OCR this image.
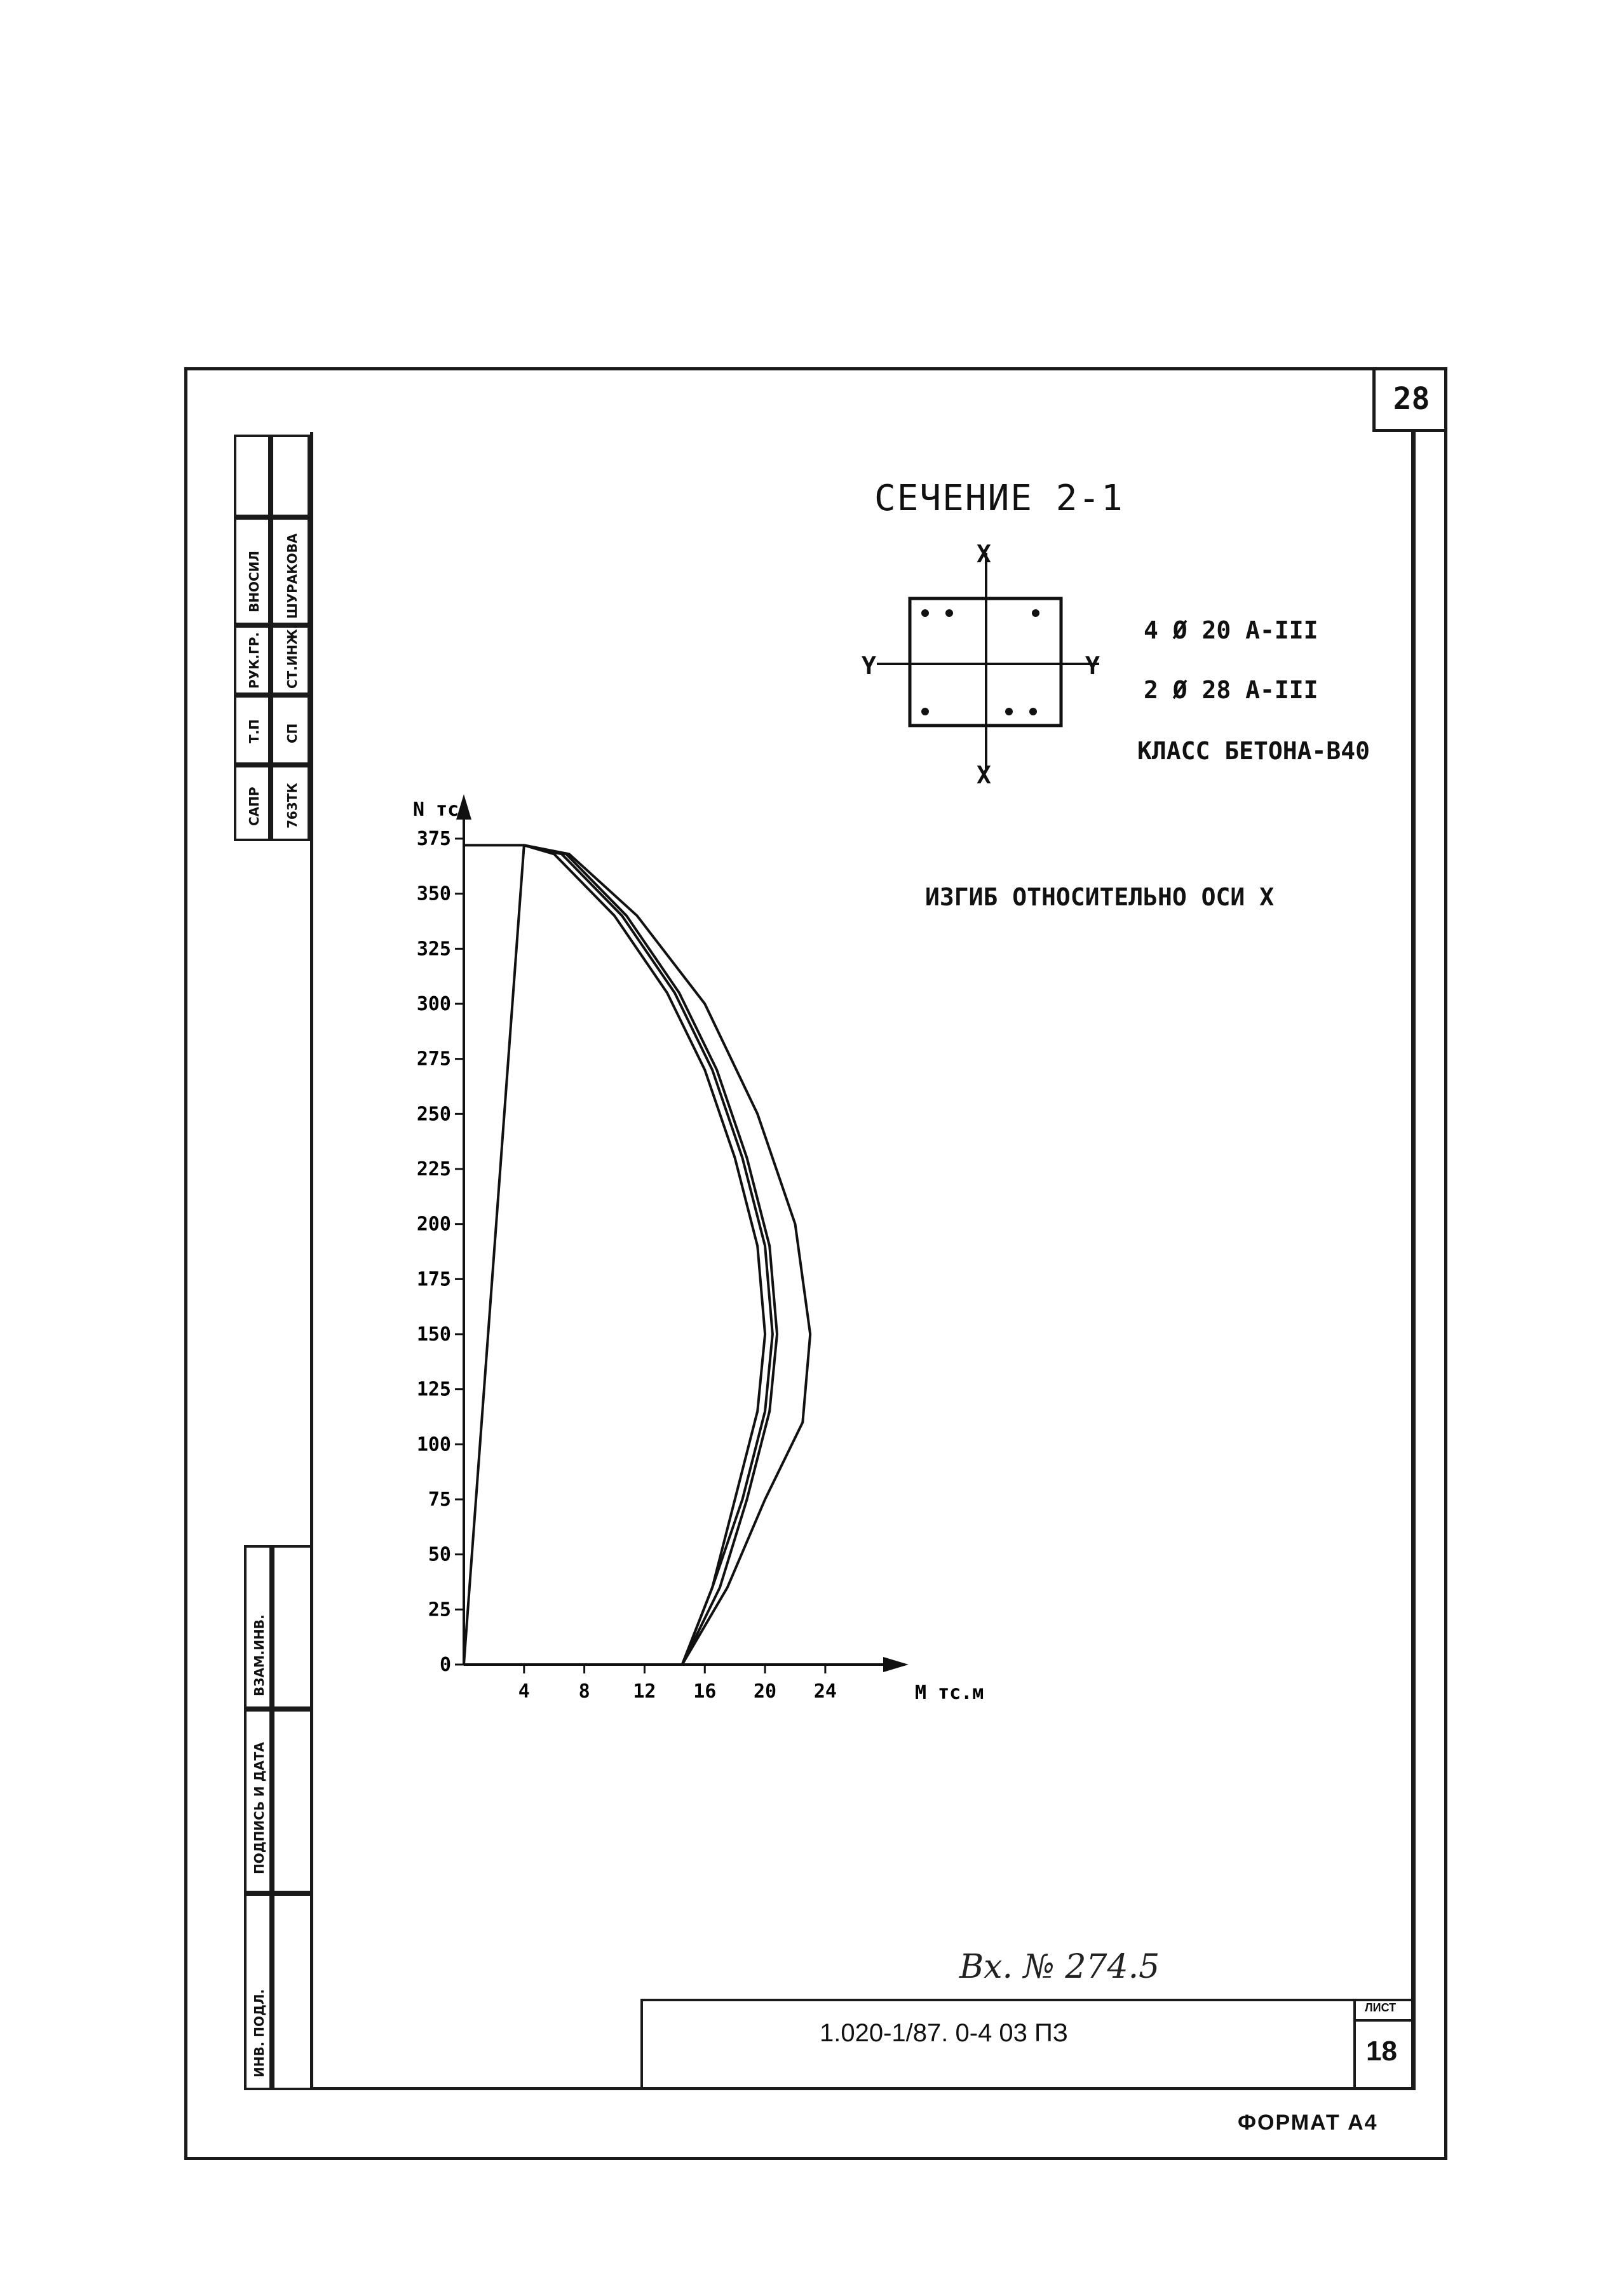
28
ВНОСИЛ ШУРАКОВА
РУК.ГР. СТ.ИНЖ.
Т.П СП
САПР 763ТК
ВЗАМ.ИНВ.
ПОДПИСЬ И ДАТА
ИНВ. ПОДЛ.
СЕЧЕНИЕ 2-1
X
X
Y	Y
4 Ø 20 A-III
2 Ø 28 A-III
КЛАСС БЕТОНА-В40
ИЗГИБ ОТНОСИТЕЛЬНО ОСИ X
0
25
50
75
100
125
150
175
200
225
250
275
300
325
350
375
4	8 12 16 20 24
N тс
M тс.м
Вх. № 274.5
ЛИСТ
18
1.020-1/87. 0-4 03 ПЗ
ФОРМАТ А4
